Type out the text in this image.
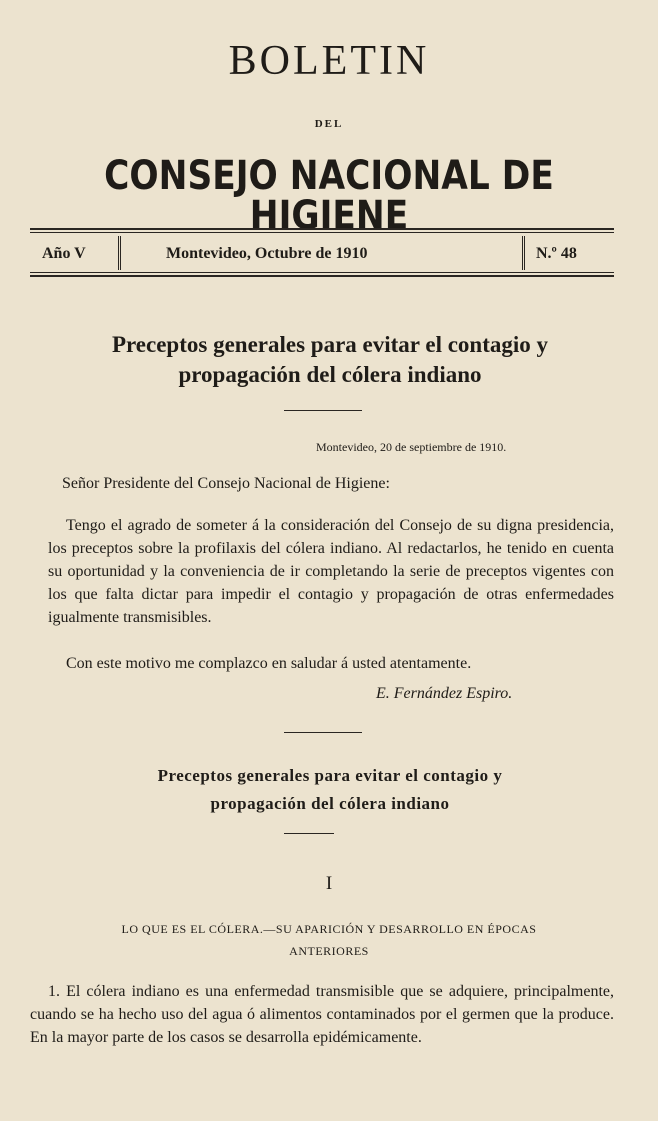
BOLETIN
DEL
CONSEJO NACIONAL DE HIGIENE
Año V	Montevideo, Octubre de 1910	N.º 48
Preceptos generales para evitar el contagio y
propagación del cólera indiano
Montevideo, 20 de septiembre de 1910.
Señor Presidente del Consejo Nacional de Higiene:
Tengo el agrado de someter á la consideración del Consejo de su digna presidencia, los preceptos sobre la profilaxis del cólera indiano. Al redactarlos, he tenido en cuenta su oportunidad y la conveniencia de ir completando la serie de preceptos vigentes con los que falta dictar para impedir el contagio y propagación de otras enfermedades igualmente transmisibles.
Con este motivo me complazco en saludar á usted atentamente.
E. Fernández Espiro.
Preceptos generales para evitar el contagio y
propagación del cólera indiano
I
LO QUE ES EL CÓLERA.—SU APARICIÓN Y DESARROLLO EN ÉPOCAS
ANTERIORES
1. El cólera indiano es una enfermedad transmisible que se adquiere, principalmente, cuando se ha hecho uso del agua ó alimentos contaminados por el germen que la produce. En la mayor parte de los casos se desarrolla epidémicamente.
